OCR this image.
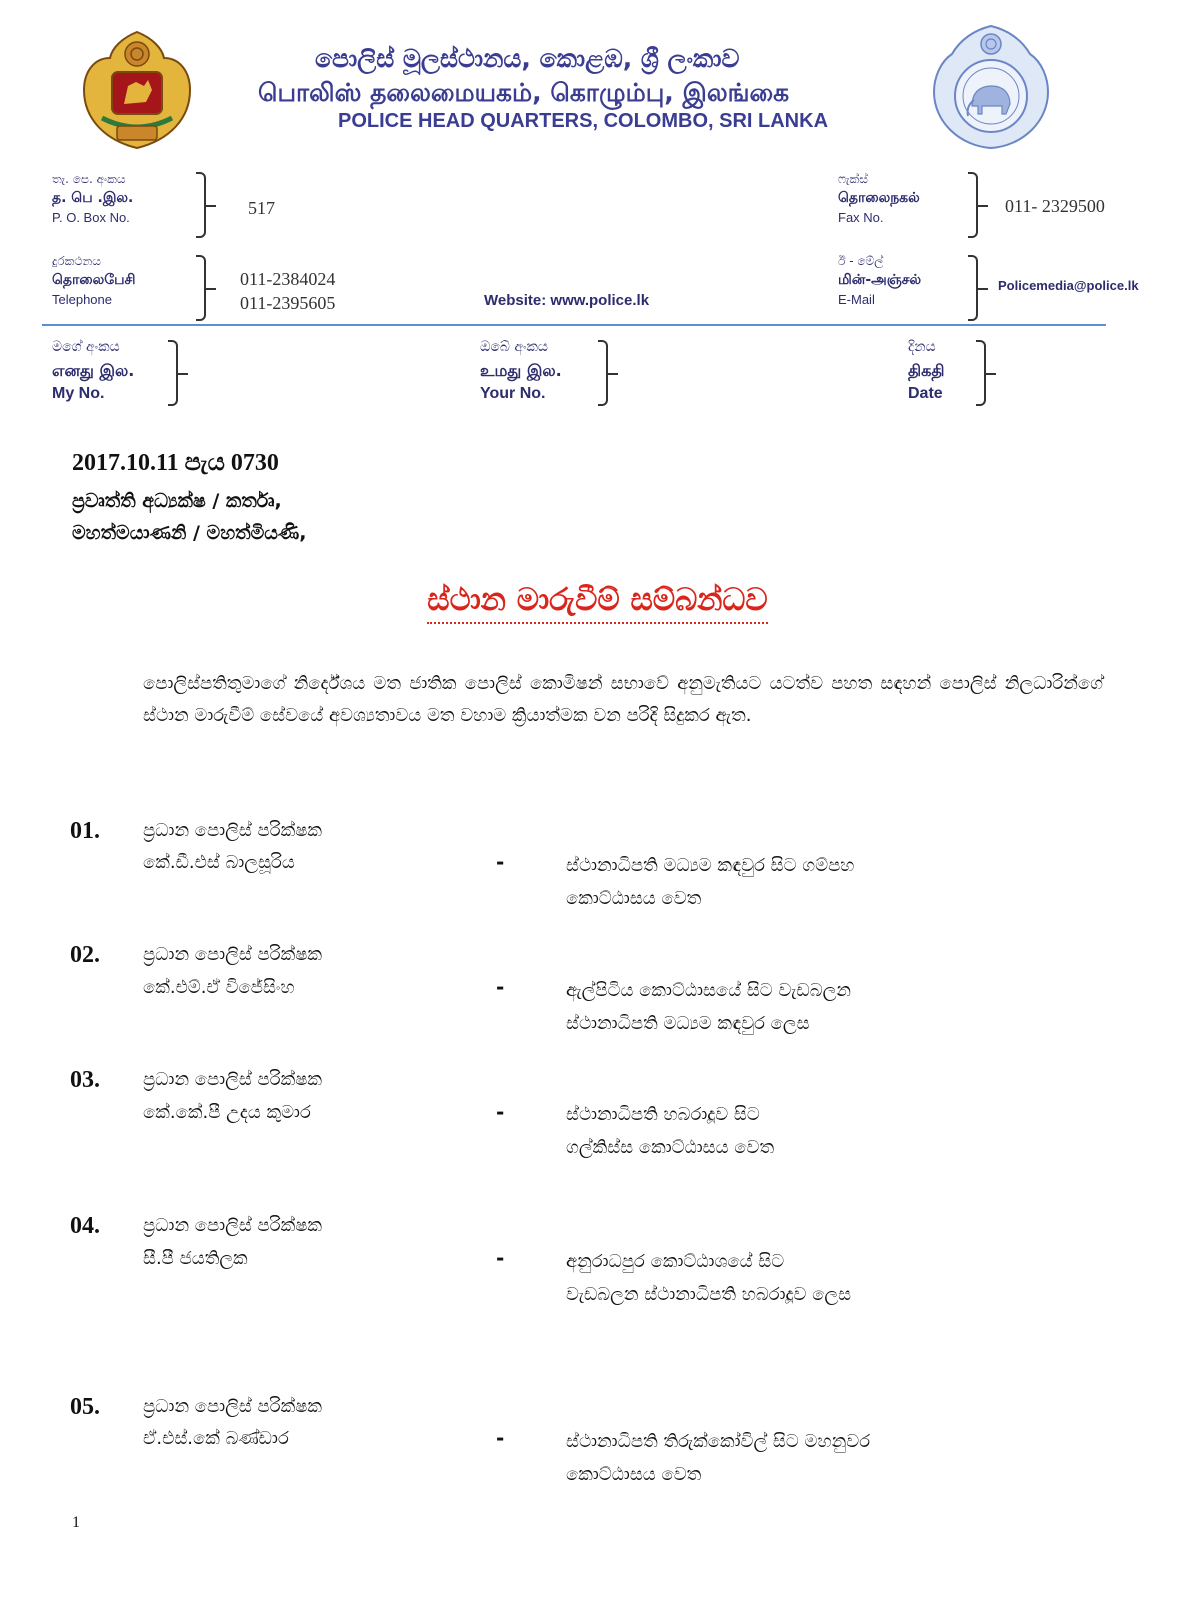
පොලිස් මූලස්ථානය, කොළඹ, ශ්‍රී ලංකාව
பொலிஸ் தலைமையகம், கொழும்பு, இலங்கை
POLICE HEAD QUARTERS, COLOMBO, SRI LANKA
තැ. පෙ. අංකය
த. பெ .இல.
P. O. Box No.	517
ෆැක්ස්
தொலைநகல்
Fax No.
011- 2329500
දුරකථනය
தொலைபேசி
Telephone
011-2384024
011-2395605	Website: www.police.lk
ඊ - මේල්
மின்-அஞ்சல்
E-Mail
Policemedia@police.lk
මගේ අංකය
எனது இல.
My No.
ඔබේ අංකය
உமது இல.
Your No.
දිනය
திகதி
Date
2017.10.11 පැය 0730
ප්‍රවෘත්ති අධ්‍යක්ෂ / කර්තෘ,
මහත්මයාණනි / මහත්මියණි,
ස්ථාන මාරුවීම් සම්බන්ධව
පොලිස්පතිතුමාගේ නිර්දේශය මත ජාතික පොලිස් කොමිෂන් සභාවේ අනුමැතියට යටත්ව පහත සඳහන් පොලිස් නිලධාරින්ගේ ස්ථාන මාරුවීම් සේවයේ අවශ්‍යතාවය මත වහාම ක්‍රියාත්මක වන පරිදි සිදුකර ඇත.
01. ප්‍රධාන පොලිස් පරික්ෂක
කේ.ඩී.එස් බාලසූරිය	-	ස්ථානාධිපති මධ්‍යම කඳවුර සිට ගම්පහ
කොට්ඨාසය වෙත
02. ප්‍රධාන පොලිස් පරික්ෂක
කේ.එම්.ඒ විජේසිංහ	-	ඇල්පිටිය කොට්ඨාසයේ සිට වැඩබලන
ස්ථානාධිපති මධ්‍යම කඳවුර ලෙස
03. ප්‍රධාන පොලිස් පරික්ෂක
කේ.කේ.පී උදය කුමාර	-	ස්ථානාධිපති හබරාදූව සිට
ගල්කිස්ස කොට්ඨාසය වෙත
04. ප්‍රධාන පොලිස් පරික්ෂක
සී.පී ජයතිලක	-	අනුරාධපුර කොට්ඨාශයේ සිට
වැඩබලන ස්ථානාධිපති හබරාදූව ලෙස
05. ප්‍රධාන පොලිස් පරික්ෂක
ඒ.එස්.කේ බණ්ඩාර	-	ස්ථානාධිපති තිරුක්කෝවිල් සිට මහනුවර
කොට්ඨාසය වෙත
1
